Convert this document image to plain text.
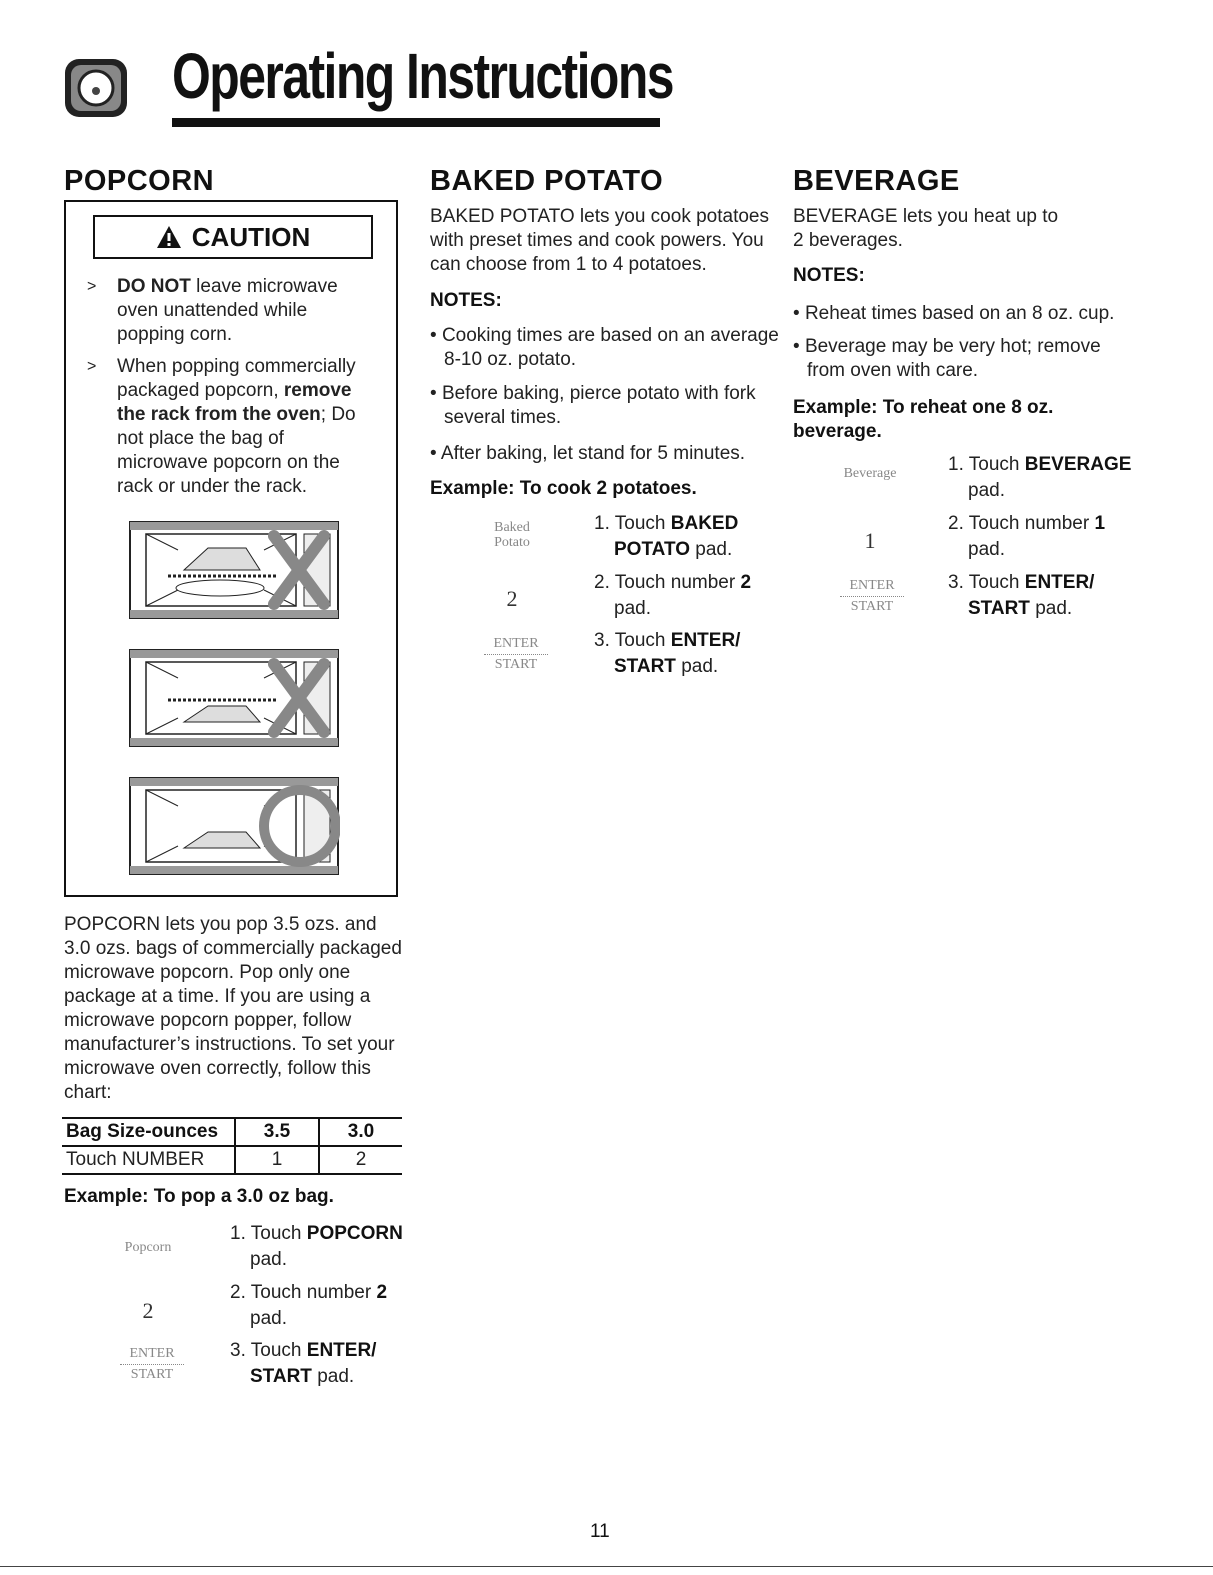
Operating Instructions
POPCORN
CAUTION
> DO NOT leave microwave oven unattended while popping corn.
> When popping commercially packaged popcorn, remove the rack from the oven; Do not place the bag of microwave popcorn on the rack or under the rack.
POPCORN lets you pop 3.5 ozs. and 3.0 ozs. bags of commercially packaged microwave popcorn. Pop only one package at a time. If you are using a microwave popcorn popper, follow manufacturer’s instructions. To set your microwave oven correctly, follow this chart:
Bag Size-ounces	3.5	3.0
Touch NUMBER	1	2
Example: To pop a 3.0 oz bag.
Popcorn
2
ENTER
START
1. Touch POPCORN pad.
2. Touch number 2 pad.
3. Touch ENTER/ START pad.
BAKED POTATO
BAKED POTATO lets you cook potatoes with preset times and cook powers. You can choose from 1 to 4 potatoes.
NOTES:
• Cooking times are based on an average 8-10 oz. potato.
• Before baking, pierce potato with fork several times.
• After baking, let stand for 5 minutes.
Example: To cook 2 potatoes.
Baked
Potato
2
ENTER
START
1. Touch BAKED POTATO pad.
2. Touch number 2 pad.
3. Touch ENTER/ START pad.
BEVERAGE
BEVERAGE lets you heat up to 2 beverages.
NOTES:
• Reheat times based on an 8 oz. cup.
• Beverage may be very hot; remove from oven with care.
Example: To reheat one 8 oz. beverage.
Beverage
1
ENTER
START
1. Touch BEVERAGE pad.
2. Touch number 1 pad.
3. Touch ENTER/ START pad.
11
